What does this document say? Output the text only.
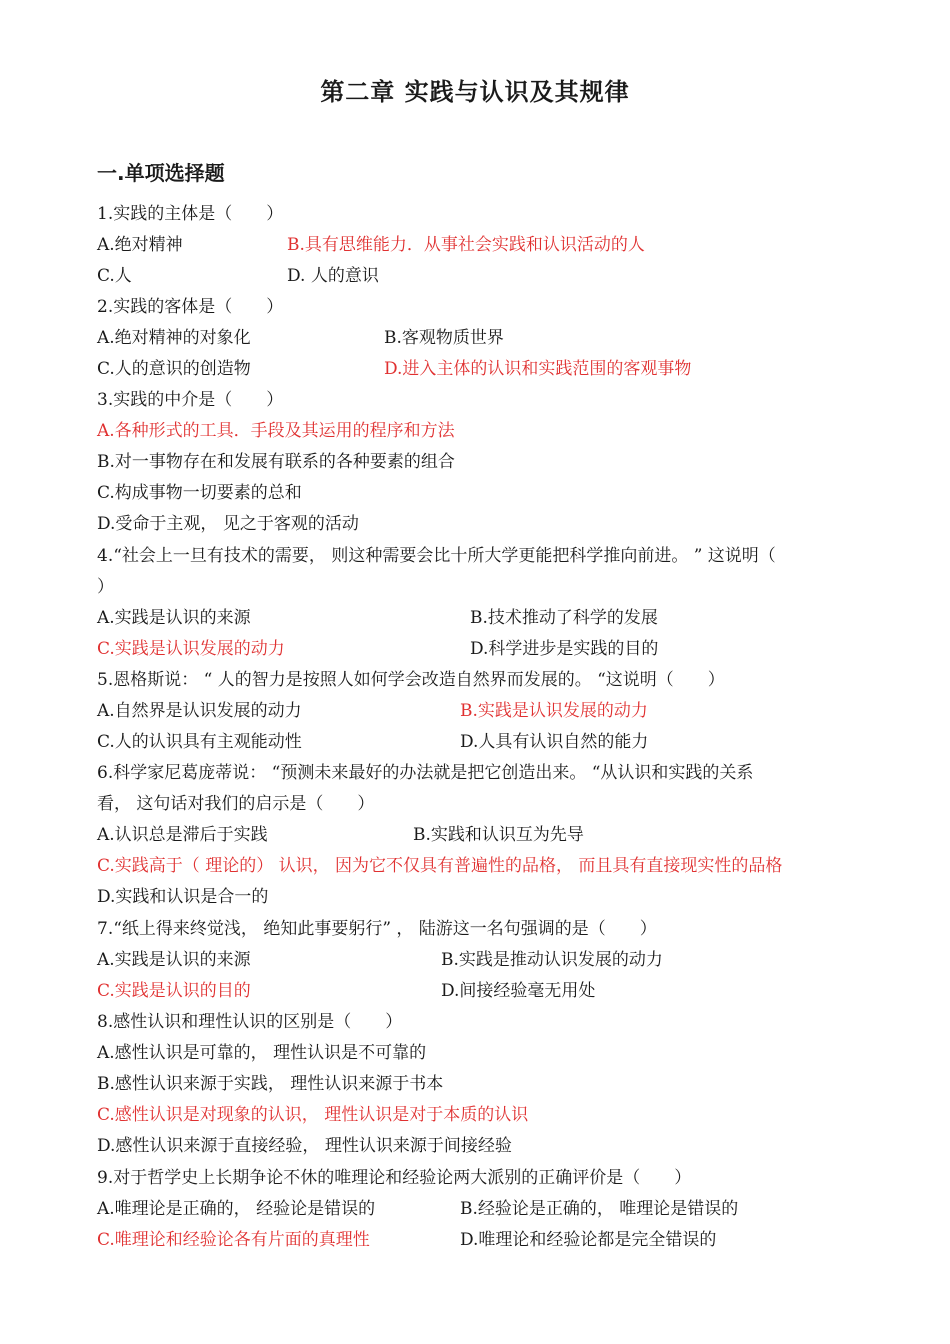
第二章 实践与认识及其规律
一.单项选择题
1.实践的主体是（　　）
A.绝对精神	B.具有思维能力．从事社会实践和认识活动的人
C.人	D. 人的意识
2.实践的客体是（　　）
A.绝对精神的对象化	B.客观物质世界
C.人的意识的创造物	D.进入主体的认识和实践范围的客观事物
3.实践的中介是（　　）
A.各种形式的工具．手段及其运用的程序和方法
B.对一事物存在和发展有联系的各种要素的组合
C.构成事物一切要素的总和
D.受命于主观， 见之于客观的活动
4.“社会上一旦有技术的需要， 则这种需要会比十所大学更能把科学推向前进。 ” 这说明（
）
A.实践是认识的来源	B.技术推动了科学的发展
C.实践是认识发展的动力	D.科学进步是实践的目的
5.恩格斯说： “ 人的智力是按照人如何学会改造自然界而发展的。 “这说明（　　）
A.自然界是认识发展的动力	B.实践是认识发展的动力
C.人的认识具有主观能动性	D.人具有认识自然的能力
6.科学家尼葛庞蒂说： “预测未来最好的办法就是把它创造出来。 “从认识和实践的关系
看， 这句话对我们的启示是（　　）
A.认识总是滞后于实践	B.实践和认识互为先导
C.实践高于（ 理论的） 认识， 因为它不仅具有普遍性的品格， 而且具有直接现实性的品格
D.实践和认识是合一的
7.“纸上得来终觉浅， 绝知此事要躬行” ， 陆游这一名句强调的是（　　）
A.实践是认识的来源	B.实践是推动认识发展的动力
C.实践是认识的目的	D.间接经验毫无用处
8.感性认识和理性认识的区别是（　　）
A.感性认识是可靠的， 理性认识是不可靠的
B.感性认识来源于实践， 理性认识来源于书本
C.感性认识是对现象的认识， 理性认识是对于本质的认识
D.感性认识来源于直接经验， 理性认识来源于间接经验
9.对于哲学史上长期争论不休的唯理论和经验论两大派别的正确评价是（　　）
A.唯理论是正确的， 经验论是错误的	B.经验论是正确的， 唯理论是错误的
C.唯理论和经验论各有片面的真理性	D.唯理论和经验论都是完全错误的
